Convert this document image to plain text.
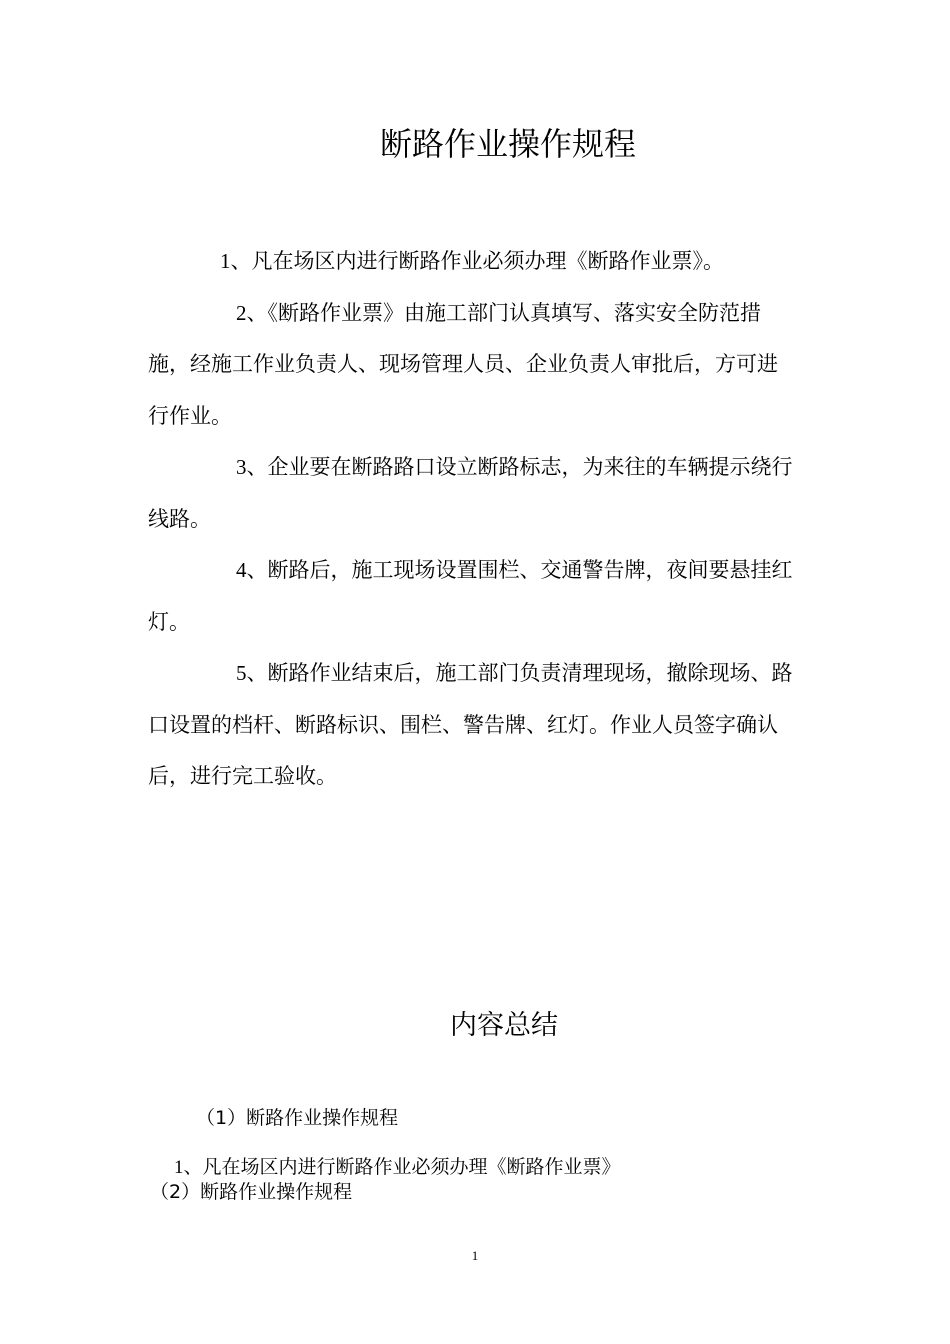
断路作业操作规程

1、凡在场区内进行断路作业必须办理《断路作业票》。

2、《断路作业票》由施工部门认真填写、落实安全防范措施，经施工作业负责人、现场管理人员、企业负责人审批后，方可进行作业。

3、企业要在断路路口设立断路标志，为来往的车辆提示绕行线路。

4、断路后，施工现场设置围栏、交通警告牌，夜间要悬挂红灯。

5、断路作业结束后，施工部门负责清理现场，撤除现场、路口设置的档杆、断路标识、围栏、警告牌、红灯。作业人员签字确认后，进行完工验收。

内容总结

（1）断路作业操作规程

1、凡在场区内进行断路作业必须办理《断路作业票》

（2）断路作业操作规程

1
